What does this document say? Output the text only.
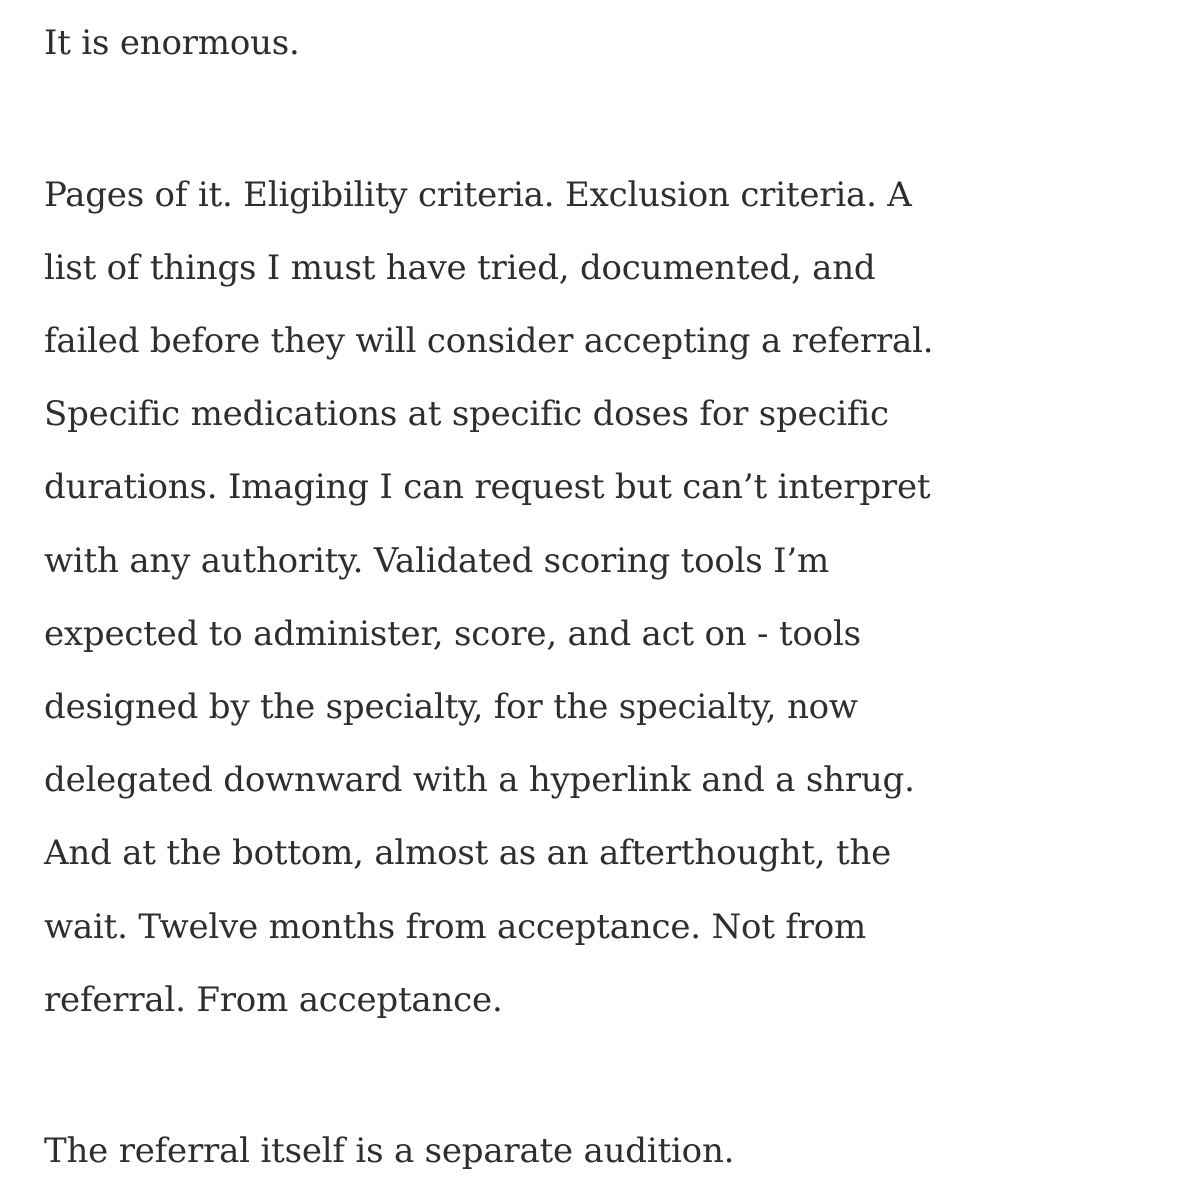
It is enormous.
Pages of it. Eligibility criteria. Exclusion criteria. A
list of things I must have tried, documented, and
failed before they will consider accepting a referral.
Specific medications at specific doses for specific
durations. Imaging I can request but can’t interpret
with any authority. Validated scoring tools I’m
expected to administer, score, and act on - tools
designed by the specialty, for the specialty, now
delegated downward with a hyperlink and a shrug.
And at the bottom, almost as an afterthought, the
wait. Twelve months from acceptance. Not from
referral. From acceptance.
The referral itself is a separate audition.
